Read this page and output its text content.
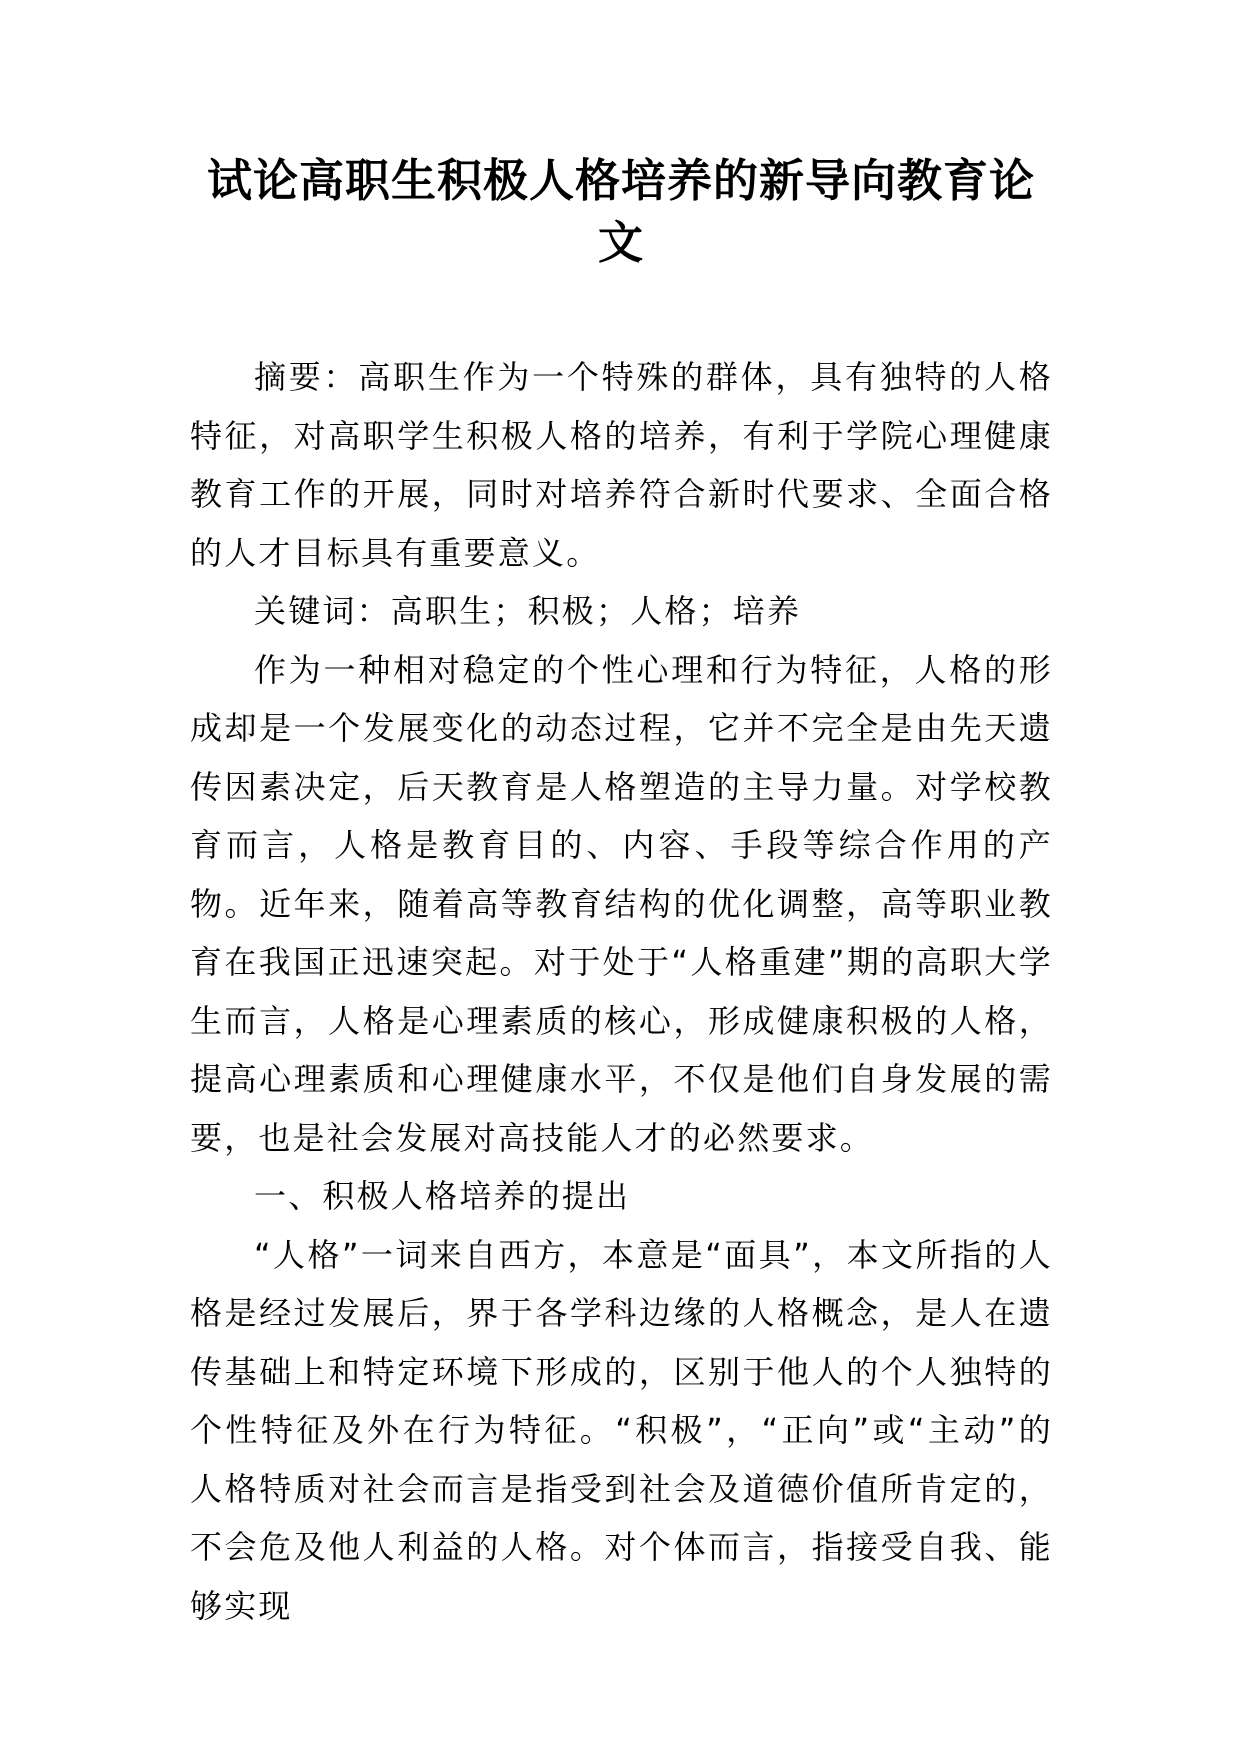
试论高职生积极人格培养的新导向教育论文

摘要：高职生作为一个特殊的群体，具有独特的人格特征，对高职学生积极人格的培养，有利于学院心理健康教育工作的开展，同时对培养符合新时代要求、全面合格的人才目标具有重要意义。

关键词：高职生；积极；人格；培养

作为一种相对稳定的个性心理和行为特征，人格的形成却是一个发展变化的动态过程，它并不完全是由先天遗传因素决定，后天教育是人格塑造的主导力量。对学校教育而言，人格是教育目的、内容、手段等综合作用的产物。近年来，随着高等教育结构的优化调整，高等职业教育在我国正迅速突起。对于处于“人格重建”期的高职大学生而言，人格是心理素质的核心，形成健康积极的人格，提高心理素质和心理健康水平，不仅是他们自身发展的需要，也是社会发展对高技能人才的必然要求。

一、积极人格培养的提出

“人格”一词来自西方，本意是“面具”，本文所指的人格是经过发展后，界于各学科边缘的人格概念，是人在遗传基础上和特定环境下形成的，区别于他人的个人独特的个性特征及外在行为特征。“积极”，“正向”或“主动”的人格特质对社会而言是指受到社会及道德价值所肯定的，不会危及他人利益的人格。对个体而言，指接受自我、能够实现
